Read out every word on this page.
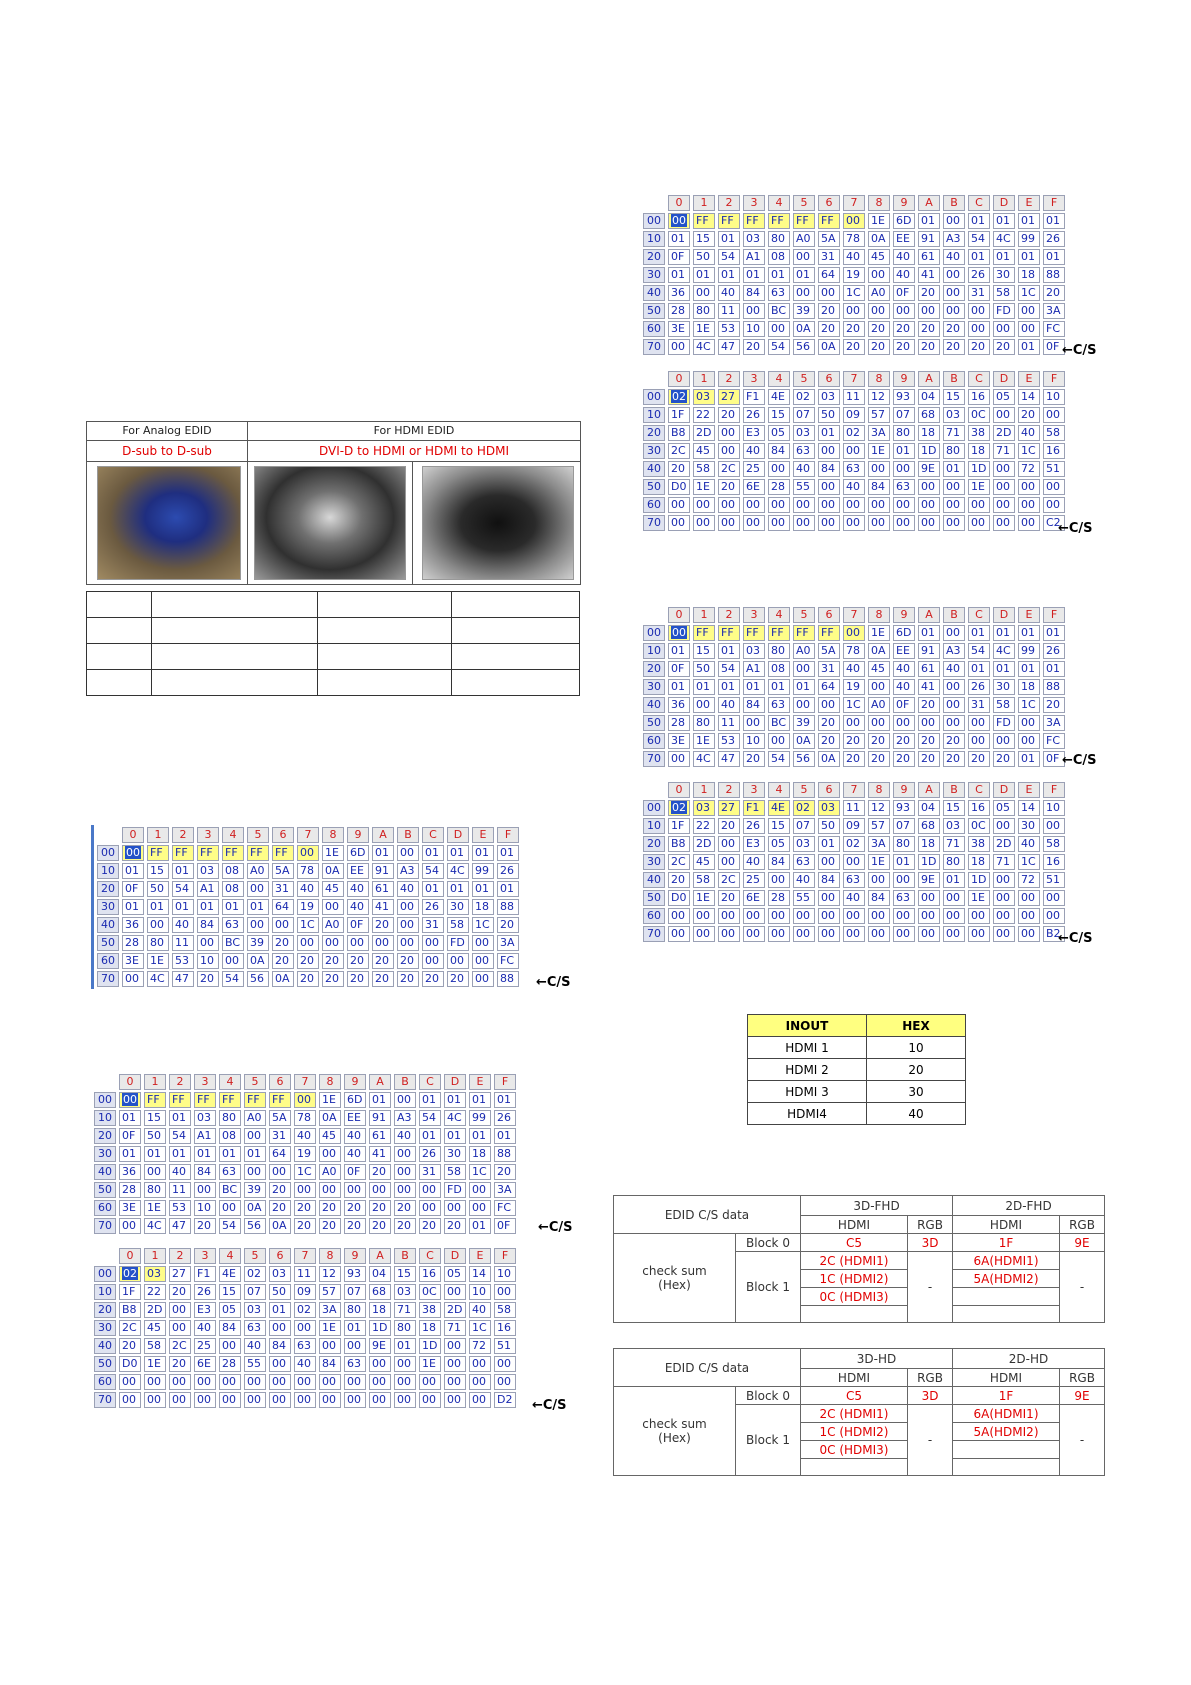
For Analog EDID	For HDMI EDID
D-sub to D-sub	DVI-D to HDMI or HDMI to HDMI

	0	1	2	3	4	5	6	7	8	9	A	B	C	D	E	F
00	00	FF	FF	FF	FF	FF	FF	00	1E	6D	01	00	01	01	01	01
10	01	15	01	03	80	A0	5A	78	0A	EE	91	A3	54	4C	99	26
20	0F	50	54	A1	08	00	31	40	45	40	61	40	01	01	01	01
30	01	01	01	01	01	01	64	19	00	40	41	00	26	30	18	88
40	36	00	40	84	63	00	00	1C	A0	0F	20	00	31	58	1C	20
50	28	80	11	00	BC	39	20	00	00	00	00	00	00	FD	00	3A
60	3E	1E	53	10	00	0A	20	20	20	20	20	20	00	00	00	FC
70	00	4C	47	20	54	56	0A	20	20	20	20	20	20	20	01	0F ←C/S
	0	1	2	3	4	5	6	7	8	9	A	B	C	D	E	F
00	02	03	27	F1	4E	02	03	11	12	93	04	15	16	05	14	10
10	1F	22	20	26	15	07	50	09	57	07	68	03	0C	00	20	00
20	B8	2D	00	E3	05	03	01	02	3A	80	18	71	38	2D	40	58
30	2C	45	00	40	84	63	00	00	1E	01	1D	80	18	71	1C	16
40	20	58	2C	25	00	40	84	63	00	00	9E	01	1D	00	72	51
50	D0	1E	20	6E	28	55	00	40	84	63	00	00	1E	00	00	00
60	00	00	00	00	00	00	00	00	00	00	00	00	00	00	00	00
70	00	00	00	00	00	00	00	00	00	00	00	00	00	00	00	C2
←C/S
	0	1	2	3	4	5	6	7	8	9	A	B	C	D	E	F
00	00	FF	FF	FF	FF	FF	FF	00	1E	6D	01	00	01	01	01	01
10	01	15	01	03	80	A0	5A	78	0A	EE	91	A3	54	4C	99	26
20	0F	50	54	A1	08	00	31	40	45	40	61	40	01	01	01	01
30	01	01	01	01	01	01	64	19	00	40	41	00	26	30	18	88
40	36	00	40	84	63	00	00	1C	A0	0F	20	00	31	58	1C	20
50	28	80	11	00	BC	39	20	00	00	00	00	00	00	FD	00	3A
60	3E	1E	53	10	00	0A	20	20	20	20	20	20	00	00	00	FC
70	00	4C	47	20	54	56	0A	20	20	20	20	20	20	20	01	0F ←C/S
	0	1	2	3	4	5	6	7	8	9	A	B	C	D	E	F
00	02	03	27	F1	4E	02	03	11	12	93	04	15	16	05	14	10
10	1F	22	20	26	15	07	50	09	57	07	68	03	0C	00	30	00
20	B8	2D	00	E3	05	03	01	02	3A	80	18	71	38	2D	40	58
30	2C	45	00	40	84	63	00	00	1E	01	1D	80	18	71	1C	16
40	20	58	2C	25	00	40	84	63	00	00	9E	01	1D	00	72	51
50	D0	1E	20	6E	28	55	00	40	84	63	00	00	1E	00	00	00
60	00	00	00	00	00	00	00	00	00	00	00	00	00	00	00	00
70	00	00	00	00	00	00	00	00	00	00	00	00	00	00	00	B2
←C/S
	0	1	2	3	4	5	6	7	8	9	A	B	C	D	E	F
00	00	FF	FF	FF	FF	FF	FF	00	1E	6D	01	00	01	01	01	01
10	01	15	01	03	08	A0	5A	78	0A	EE	91	A3	54	4C	99	26
20	0F	50	54	A1	08	00	31	40	45	40	61	40	01	01	01	01
30	01	01	01	01	01	01	64	19	00	40	41	00	26	30	18	88
40	36	00	40	84	63	00	00	1C	A0	0F	20	00	31	58	1C	20
50	28	80	11	00	BC	39	20	00	00	00	00	00	00	FD	00	3A
60	3E	1E	53	10	00	0A	20	20	20	20	20	20	00	00	00	FC
70	00	4C	47	20	54	56	0A	20	20	20	20	20	20	20	00	88 ←C/S
	0	1	2	3	4	5	6	7	8	9	A	B	C	D	E	F
00	00	FF	FF	FF	FF	FF	FF	00	1E	6D	01	00	01	01	01	01
10	01	15	01	03	80	A0	5A	78	0A	EE	91	A3	54	4C	99	26
20	0F	50	54	A1	08	00	31	40	45	40	61	40	01	01	01	01
30	01	01	01	01	01	01	64	19	00	40	41	00	26	30	18	88
40	36	00	40	84	63	00	00	1C	A0	0F	20	00	31	58	1C	20
50	28	80	11	00	BC	39	20	00	00	00	00	00	00	FD	00	3A
60	3E	1E	53	10	00	0A	20	20	20	20	20	20	00	00	00	FC
70	00	4C	47	20	54	56	0A	20	20	20	20	20	20	20	01	0F ←C/S
	0	1	2	3	4	5	6	7	8	9	A	B	C	D	E	F
00	02	03	27	F1	4E	02	03	11	12	93	04	15	16	05	14	10
10	1F	22	20	26	15	07	50	09	57	07	68	03	0C	00	10	00
20	B8	2D	00	E3	05	03	01	02	3A	80	18	71	38	2D	40	58
30	2C	45	00	40	84	63	00	00	1E	01	1D	80	18	71	1C	16
40	20	58	2C	25	00	40	84	63	00	00	9E	01	1D	00	72	51
50	D0	1E	20	6E	28	55	00	40	84	63	00	00	1E	00	00	00
60	00	00	00	00	00	00	00	00	00	00	00	00	00	00	00	00
70	00	00	00	00	00	00	00	00	00	00	00	00	00	00	00	D2 ←C/S
INOUT	HEX
HDMI 1	10
HDMI 2	20
HDMI 3	30
HDMI4	40
EDID C/S data		3D-FHD		2D-FHD	
		HDMI	RGB	HDMI	RGB
check sum
(Hex)	Block 0	C5	3D	1F	9E
	Block 1	2C (HDMI1)	-	6A(HDMI1)	-
		1C (HDMI2)		5A(HDMI2)	
		0C (HDMI3)			

EDID C/S data		3D-HD		2D-HD	
		HDMI	RGB	HDMI	RGB
check sum
(Hex)	Block 0	C5	3D	1F	9E
	Block 1	2C (HDMI1)	-	6A(HDMI1)	-
		1C (HDMI2)		5A(HDMI2)	
		0C (HDMI3)			
